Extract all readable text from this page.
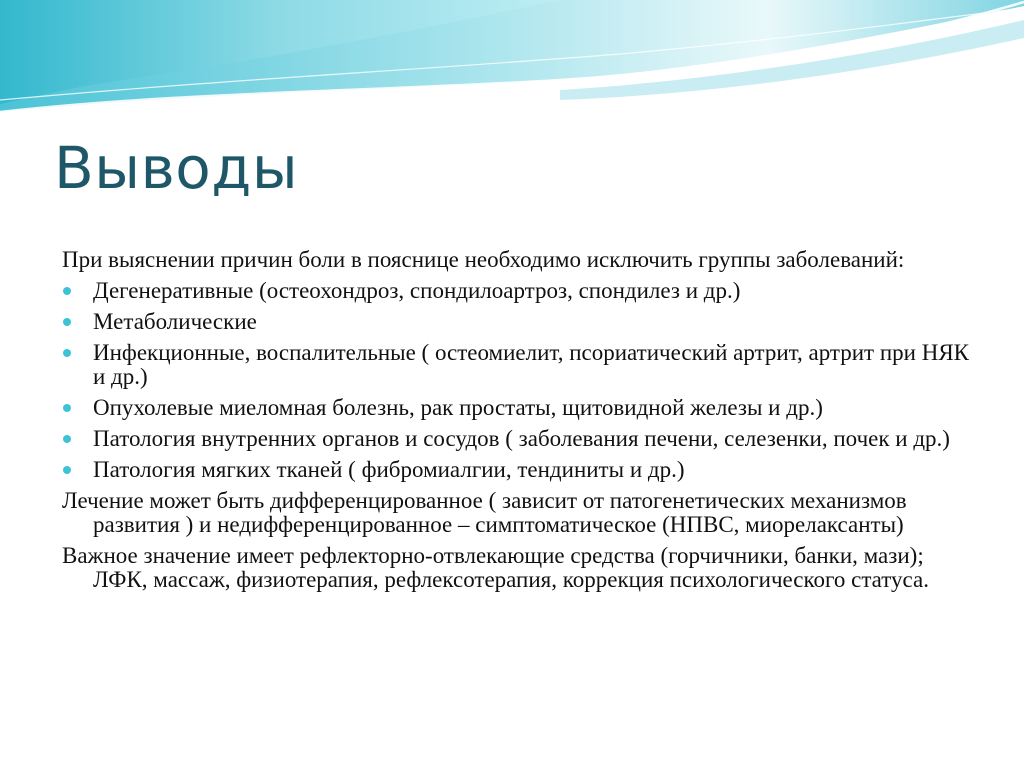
Выводы

При выяснении причин боли в пояснице необходимо исключить группы заболеваний:

Дегенеративные (остеохондроз, спондилоартроз, спондилез и др.)
Метаболические
Инфекционные, воспалительные ( остеомиелит, псориатический артрит, артрит при НЯК и др.)
Опухолевые миеломная болезнь, рак простаты, щитовидной железы и др.)
Патология внутренних органов и сосудов ( заболевания печени, селезенки, почек и др.)
Патология мягких тканей ( фибромиалгии, тендиниты и др.)

Лечение может быть дифференцированное ( зависит от патогенетических механизмов развития ) и недифференцированное – симптоматическое (НПВС, миорелаксанты)

Важное значение имеет рефлекторно-отвлекающие средства (горчичники, банки, мази); ЛФК, массаж, физиотерапия, рефлексотерапия, коррекция психологического статуса.
